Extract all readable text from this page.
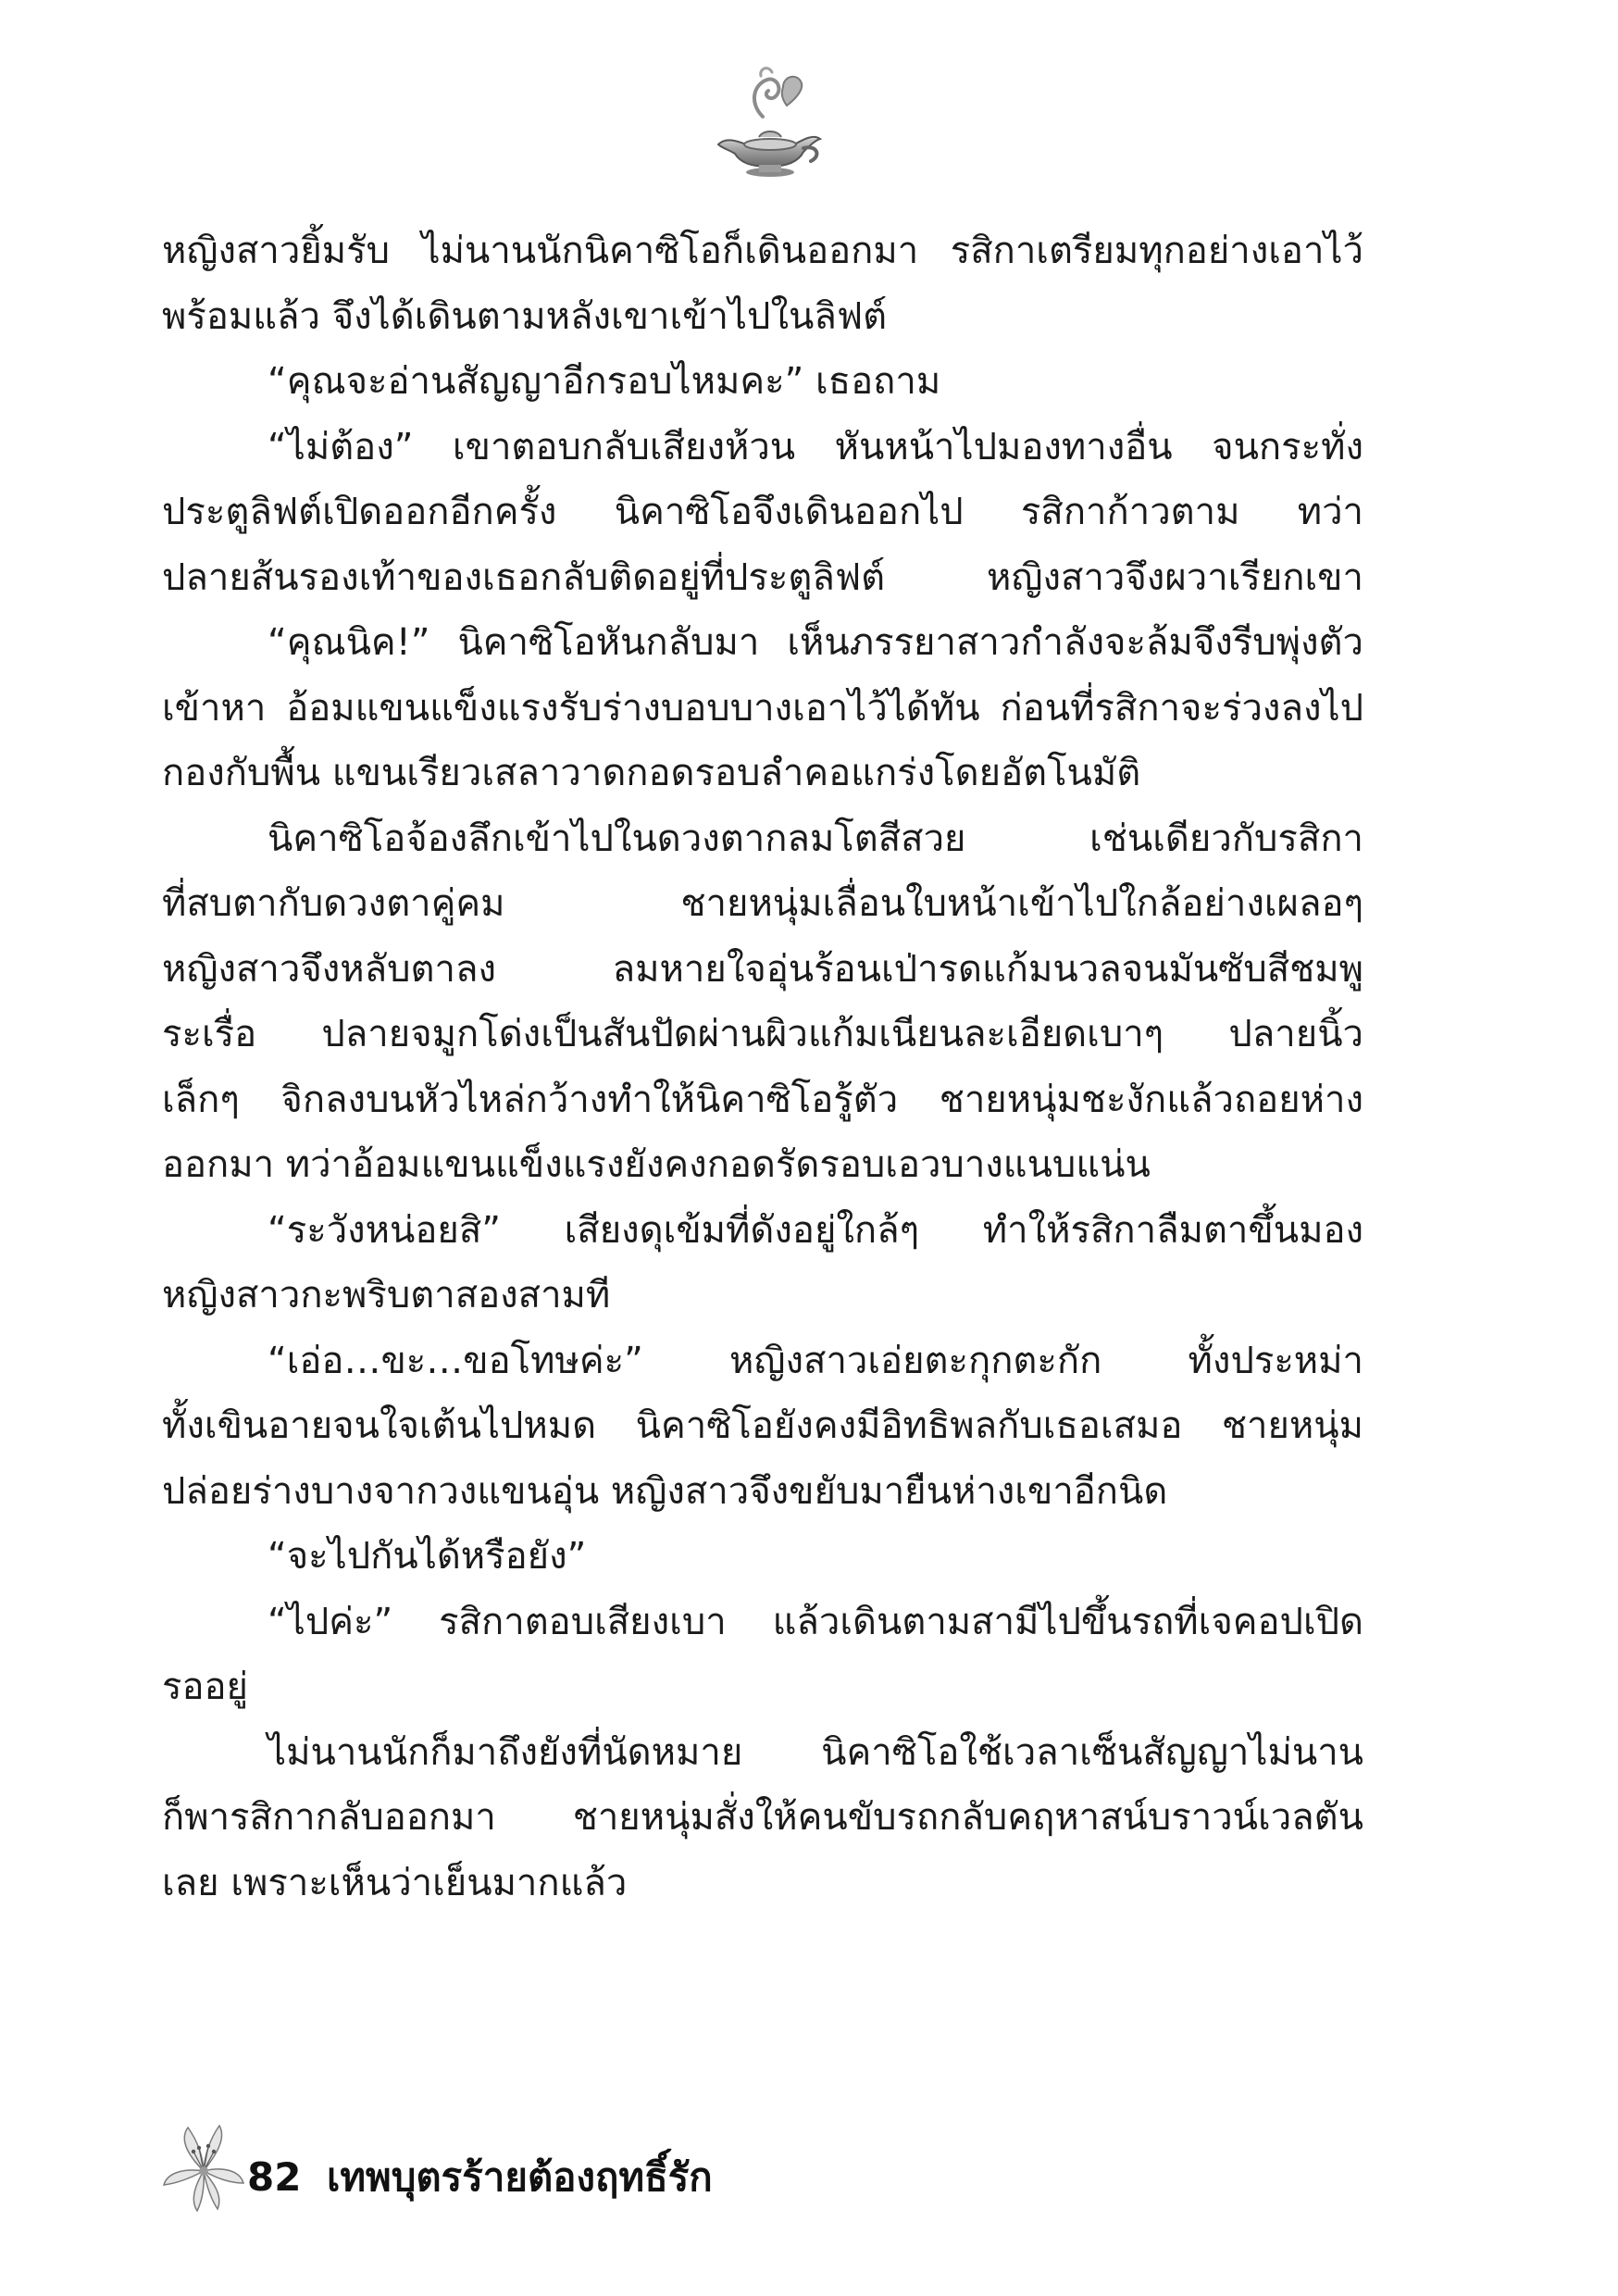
หญิงสาวยิ้มรับ ไม่นานนักนิคาซิโอก็เดินออกมา รสิกาเตรียมทุกอย่างเอาไว้
พร้อมแล้ว จึงได้เดินตามหลังเขาเข้าไปในลิฟต์
“คุณจะอ่านสัญญาอีกรอบไหมคะ” เธอถาม
“ไม่ต้อง” เขาตอบกลับเสียงห้วน หันหน้าไปมองทางอื่น จนกระทั่ง
ประตูลิฟต์เปิดออกอีกครั้ง นิคาซิโอจึงเดินออกไป รสิกาก้าวตาม ทว่า
ปลายส้นรองเท้าของเธอกลับติดอยู่ที่ประตูลิฟต์ หญิงสาวจึงผวาเรียกเขา
“คุณนิค!” นิคาซิโอหันกลับมา เห็นภรรยาสาวกำลังจะล้มจึงรีบพุ่งตัว
เข้าหา อ้อมแขนแข็งแรงรับร่างบอบบางเอาไว้ได้ทัน ก่อนที่รสิกาจะร่วงลงไป
กองกับพื้น แขนเรียวเสลาวาดกอดรอบลำคอแกร่งโดยอัตโนมัติ
นิคาซิโอจ้องลึกเข้าไปในดวงตากลมโตสีสวย เช่นเดียวกับรสิกา
ที่สบตากับดวงตาคู่คม ชายหนุ่มเลื่อนใบหน้าเข้าไปใกล้อย่างเผลอๆ
หญิงสาวจึงหลับตาลง ลมหายใจอุ่นร้อนเป่ารดแก้มนวลจนมันซับสีชมพู
ระเรื่อ ปลายจมูกโด่งเป็นสันปัดผ่านผิวแก้มเนียนละเอียดเบาๆ ปลายนิ้ว
เล็กๆ จิกลงบนหัวไหล่กว้างทำให้นิคาซิโอรู้ตัว ชายหนุ่มชะงักแล้วถอยห่าง
ออกมา ทว่าอ้อมแขนแข็งแรงยังคงกอดรัดรอบเอวบางแนบแน่น
“ระวังหน่อยสิ” เสียงดุเข้มที่ดังอยู่ใกล้ๆ ทำให้รสิกาลืมตาขึ้นมอง
หญิงสาวกะพริบตาสองสามที
“เอ่อ…ขะ…ขอโทษค่ะ” หญิงสาวเอ่ยตะกุกตะกัก ทั้งประหม่า
ทั้งเขินอายจนใจเต้นไปหมด นิคาซิโอยังคงมีอิทธิพลกับเธอเสมอ ชายหนุ่ม
ปล่อยร่างบางจากวงแขนอุ่น หญิงสาวจึงขยับมายืนห่างเขาอีกนิด
“จะไปกันได้หรือยัง”
“ไปค่ะ” รสิกาตอบเสียงเบา แล้วเดินตามสามีไปขึ้นรถที่เจคอปเปิด
รออยู่
ไม่นานนักก็มาถึงยังที่นัดหมาย นิคาซิโอใช้เวลาเซ็นสัญญาไม่นาน
ก็พารสิกากลับออกมา ชายหนุ่มสั่งให้คนขับรถกลับคฤหาสน์บราวน์เวลตัน
เลย เพราะเห็นว่าเย็นมากแล้ว
82 เทพบุตรร้ายต้องฤทธิ์รัก
